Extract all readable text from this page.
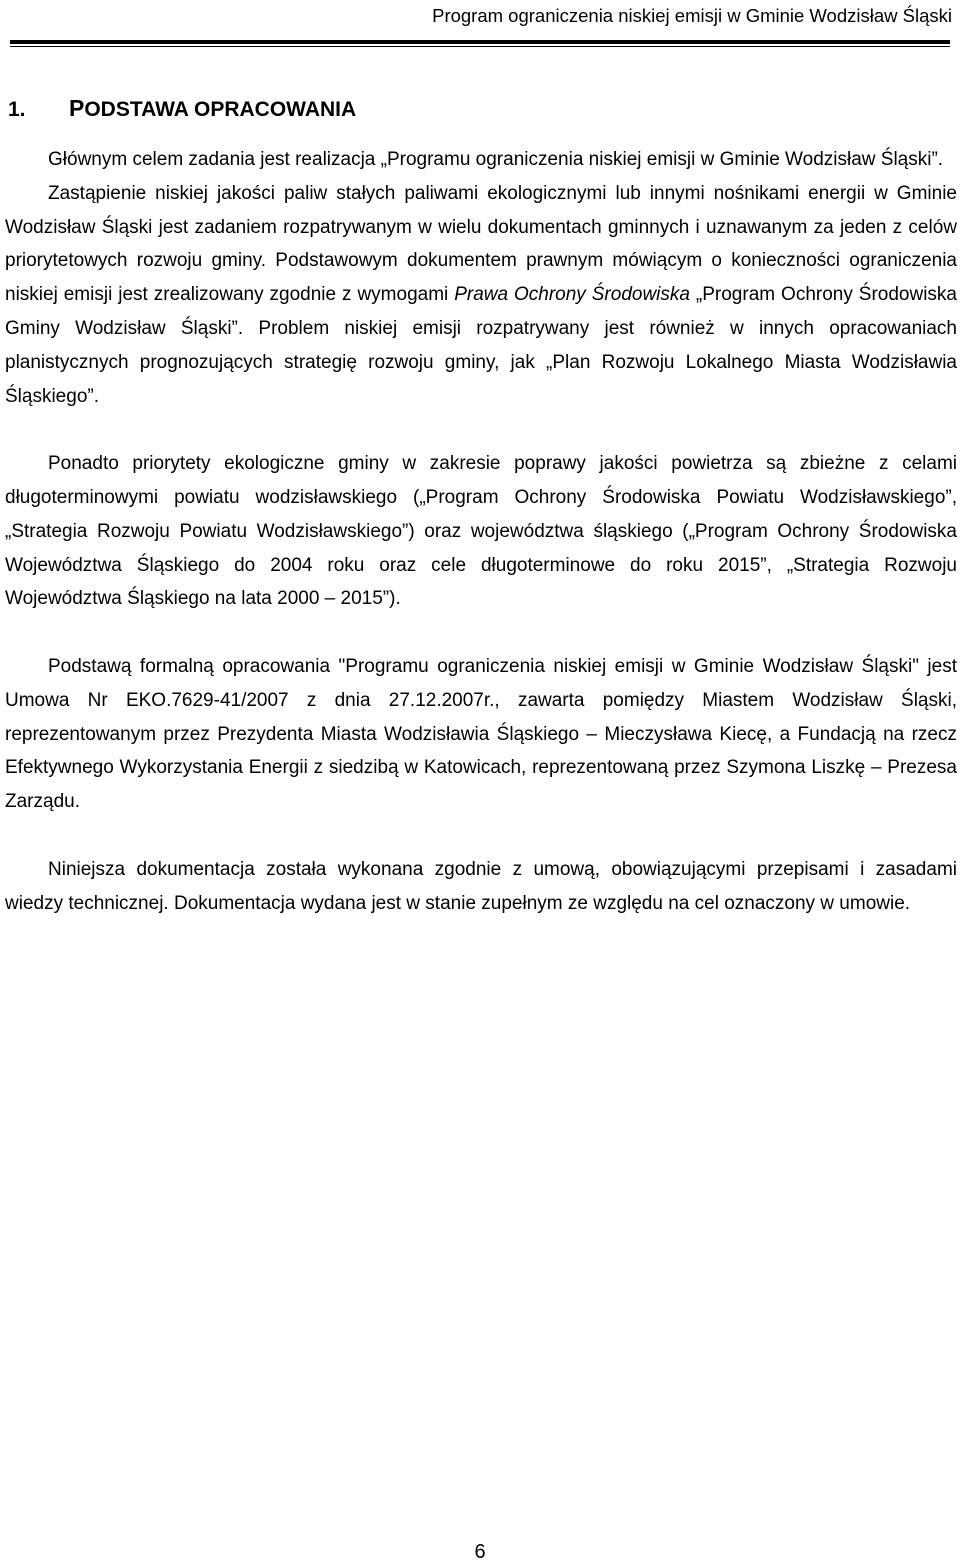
Program ograniczenia niskiej emisji w Gminie Wodzisław Śląski
1. PODSTAWA OPRACOWANIA

Głównym celem zadania jest realizacja „Programu ograniczenia niskiej emisji w Gminie Wodzisław Śląski”.

Zastąpienie niskiej jakości paliw stałych paliwami ekologicznymi lub innymi nośnikami energii w Gminie Wodzisław Śląski jest zadaniem rozpatrywanym w wielu dokumentach gminnych i uznawanym za jeden z celów priorytetowych rozwoju gminy. Podstawowym dokumentem prawnym mówiącym o konieczności ograniczenia niskiej emisji jest zrealizowany zgodnie z wymogami Prawa Ochrony Środowiska „Program Ochrony Środowiska Gminy Wodzisław Śląski”. Problem niskiej emisji rozpatrywany jest również w innych opracowaniach planistycznych prognozujących strategię rozwoju gminy, jak „Plan Rozwoju Lokalnego Miasta Wodzisławia Śląskiego”.

Ponadto priorytety ekologiczne gminy w zakresie poprawy jakości powietrza są zbieżne z celami długoterminowymi powiatu wodzisławskiego („Program Ochrony Środowiska Powiatu Wodzisławskiego”, „Strategia Rozwoju Powiatu Wodzisławskiego”) oraz województwa śląskiego („Program Ochrony Środowiska Województwa Śląskiego do 2004 roku oraz cele długoterminowe do roku 2015”, „Strategia Rozwoju Województwa Śląskiego na lata 2000 – 2015”).

Podstawą formalną opracowania "Programu ograniczenia niskiej emisji w Gminie Wodzisław Śląski" jest Umowa Nr EKO.7629-41/2007 z dnia 27.12.2007r., zawarta pomiędzy Miastem Wodzisław Śląski, reprezentowanym przez Prezydenta Miasta Wodzisławia Śląskiego – Mieczysława Kiecę, a Fundacją na rzecz Efektywnego Wykorzystania Energii z siedzibą w Katowicach, reprezentowaną przez Szymona Liszkę – Prezesa Zarządu.

Niniejsza dokumentacja została wykonana zgodnie z umową, obowiązującymi przepisami i zasadami wiedzy technicznej. Dokumentacja wydana jest w stanie zupełnym ze względu na cel oznaczony w umowie.

6
